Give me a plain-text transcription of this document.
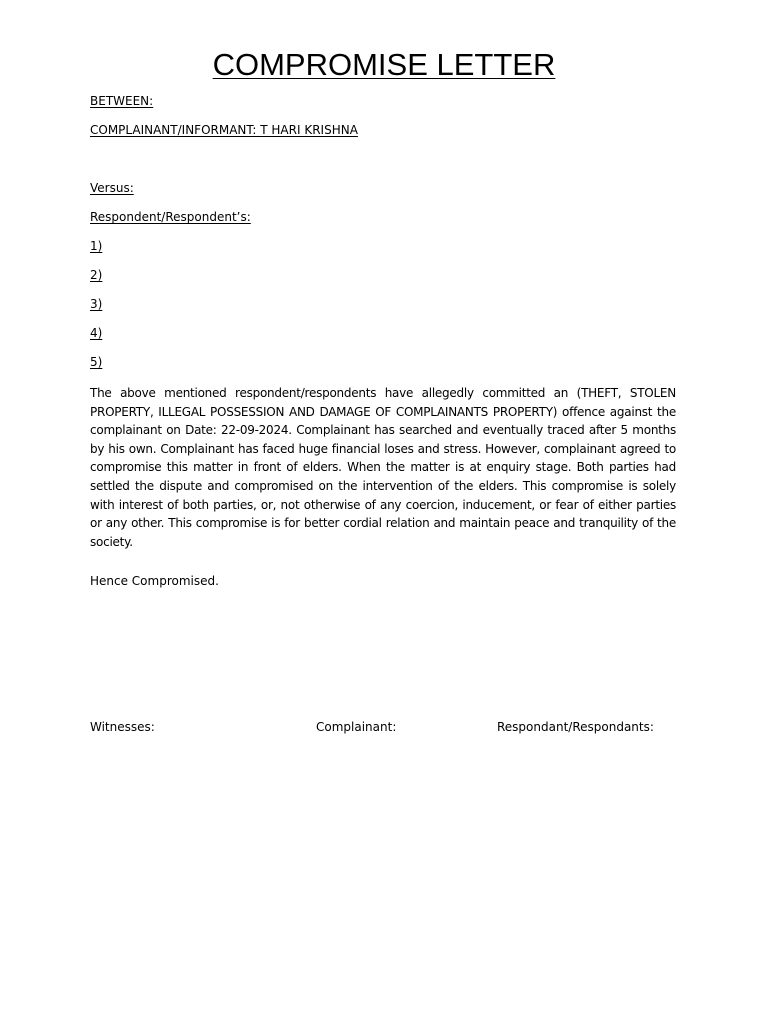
COMPROMISE LETTER

BETWEEN:

COMPLAINANT/INFORMANT: T HARI KRISHNA

Versus:

Respondent/Respondent’s:

1)

2)

3)

4)

5)

The above mentioned respondent/respondents have allegedly committed an (THEFT, STOLEN PROPERTY, ILLEGAL POSSESSION AND DAMAGE OF COMPLAINANTS PROPERTY) offence against the complainant on Date: 22-09-2024. Complainant has searched and eventually traced after 5 months by his own. Complainant has faced huge financial loses and stress. However, complainant agreed to compromise this matter in front of elders. When the matter is at enquiry stage. Both parties had settled the dispute and compromised on the intervention of the elders. This compromise is solely with interest of both parties, or, not otherwise of any coercion, inducement, or fear of either parties or any other. This compromise is for better cordial relation and maintain peace and tranquility of the society.

Hence Compromised.

Witnesses:	Complainant:	Respondant/Respondants:
